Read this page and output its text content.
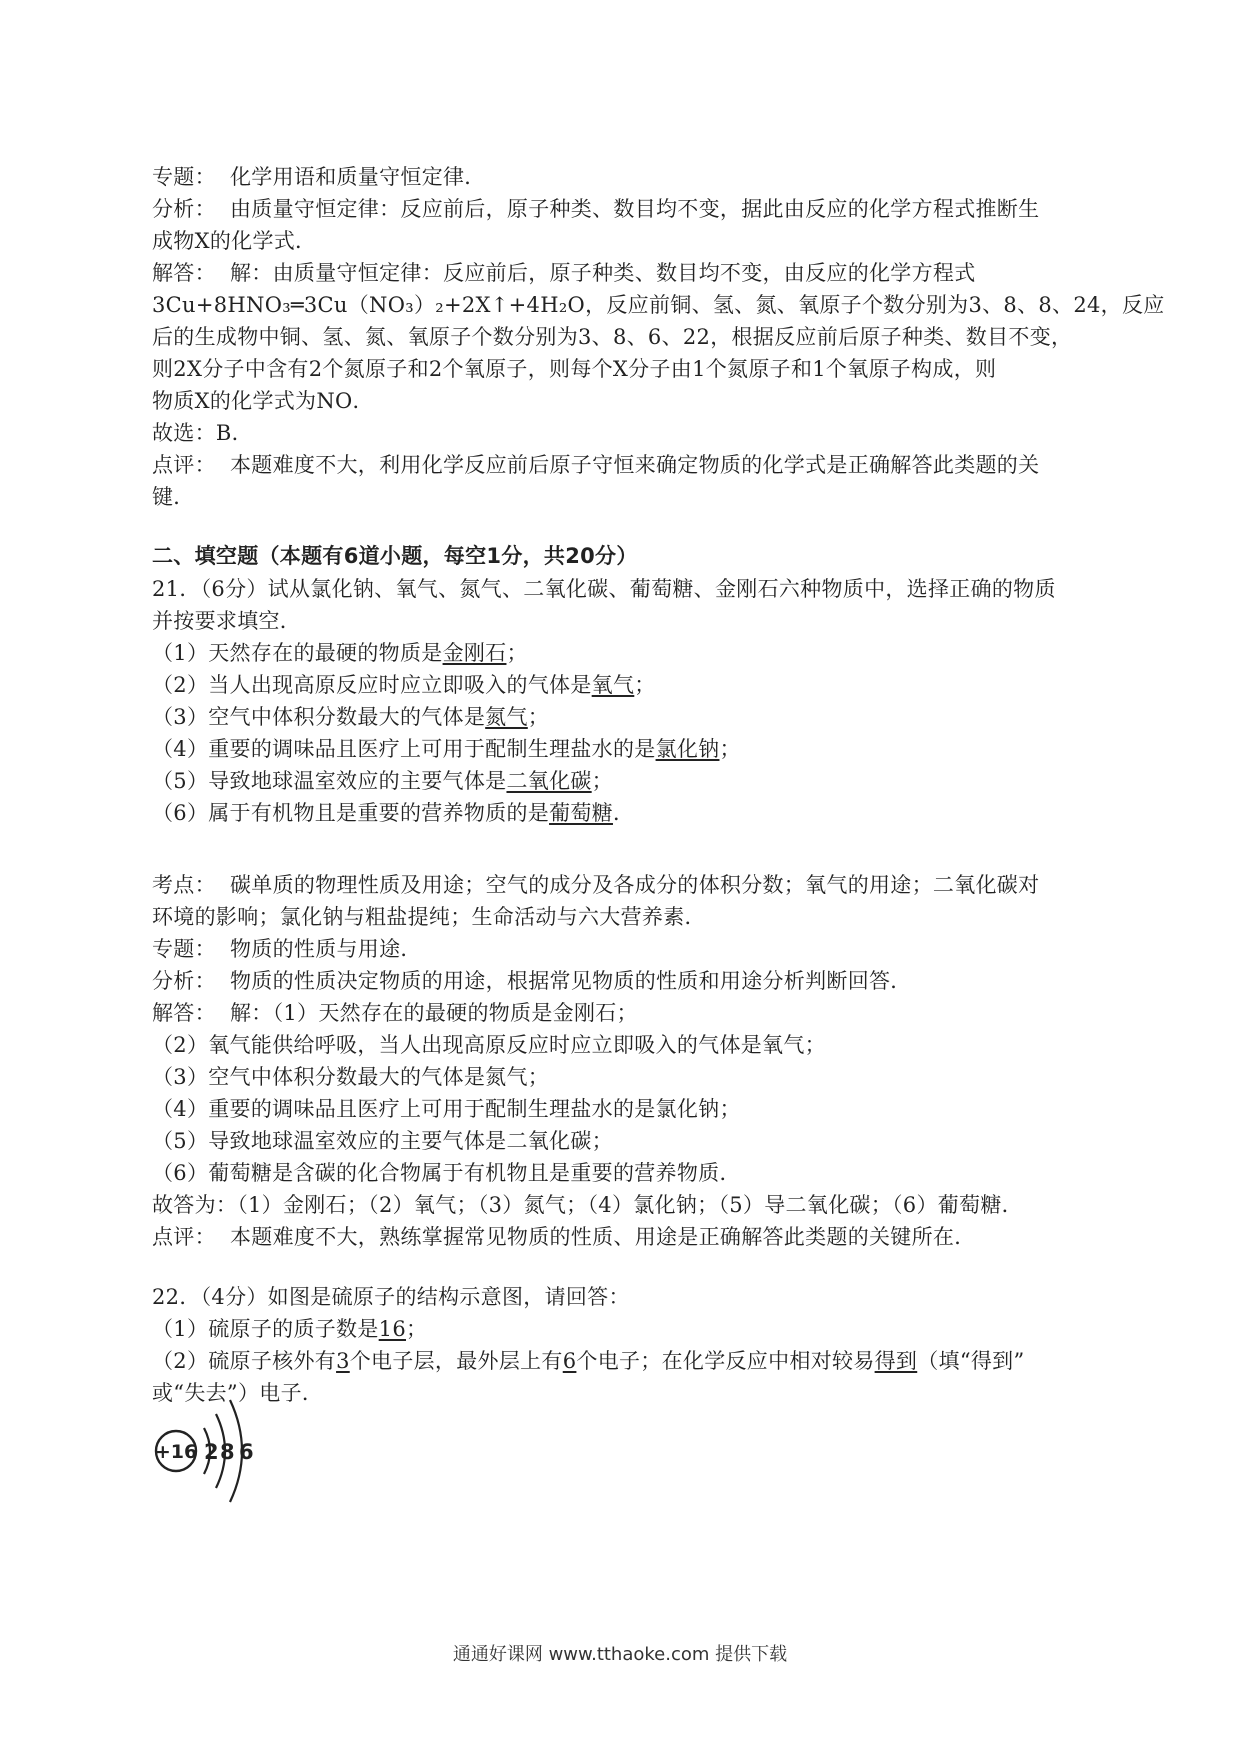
专题： 化学用语和质量守恒定律．
分析： 由质量守恒定律：反应前后，原子种类、数目均不变，据此由反应的化学方程式推断生
成物X的化学式．
解答： 解：由质量守恒定律：反应前后，原子种类、数目均不变，由反应的化学方程式
3Cu+8HNO₃═3Cu（NO₃）₂+2X↑+4H₂O，反应前铜、氢、氮、氧原子个数分别为3、8、8、24，反应
后的生成物中铜、氢、氮、氧原子个数分别为3、8、6、22，根据反应前后原子种类、数目不变，
则2X分子中含有2个氮原子和2个氧原子，则每个X分子由1个氮原子和1个氧原子构成，则
物质X的化学式为NO．
故选：B．
点评： 本题难度不大，利用化学反应前后原子守恒来确定物质的化学式是正确解答此类题的关
键．
二、填空题（本题有6道小题，每空1分，共20分）
21．（6分）试从氯化钠、氧气、氮气、二氧化碳、葡萄糖、金刚石六种物质中，选择正确的物质
并按要求填空．
（1）天然存在的最硬的物质是金刚石；
（2）当人出现高原反应时应立即吸入的气体是氧气；
（3）空气中体积分数最大的气体是氮气；
（4）重要的调味品且医疗上可用于配制生理盐水的是氯化钠；
（5）导致地球温室效应的主要气体是二氧化碳；
（6）属于有机物且是重要的营养物质的是葡萄糖．
考点： 碳单质的物理性质及用途；空气的成分及各成分的体积分数；氧气的用途；二氧化碳对
环境的影响；氯化钠与粗盐提纯；生命活动与六大营养素．
专题： 物质的性质与用途．
分析： 物质的性质决定物质的用途，根据常见物质的性质和用途分析判断回答．
解答： 解：（1）天然存在的最硬的物质是金刚石；
（2）氧气能供给呼吸，当人出现高原反应时应立即吸入的气体是氧气；
（3）空气中体积分数最大的气体是氮气；
（4）重要的调味品且医疗上可用于配制生理盐水的是氯化钠；
（5）导致地球温室效应的主要气体是二氧化碳；
（6）葡萄糖是含碳的化合物属于有机物且是重要的营养物质．
故答为：（1）金刚石；（2）氧气；（3）氮气；（4）氯化钠；（5）导二氧化碳；（6）葡萄糖．
点评： 本题难度不大，熟练掌握常见物质的性质、用途是正确解答此类题的关键所在．
22．（4分）如图是硫原子的结构示意图，请回答：
（1）硫原子的质子数是16；
（2）硫原子核外有3个电子层，最外层上有6个电子；在化学反应中相对较易得到（填“得到”
或“失去”）电子．
+16 2 8 6
通通好课网 www.tthaoke.com 提供下载
